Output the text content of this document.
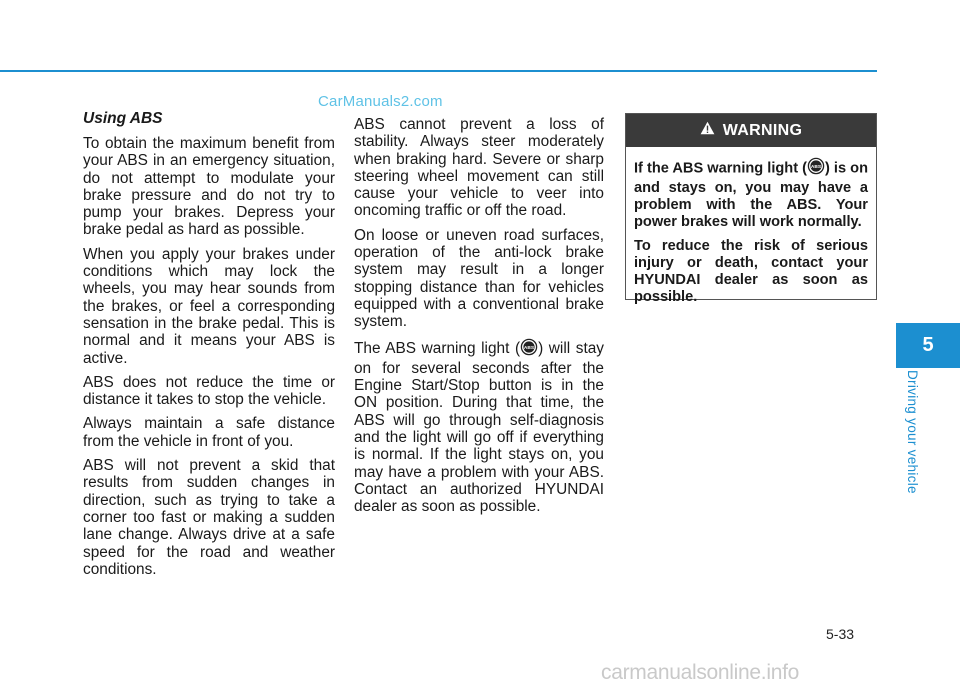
CarManuals2.com
Using ABS

To obtain the maximum benefit from your ABS in an emergency situation, do not attempt to modulate your brake pressure and do not try to pump your brakes. Depress your brake pedal as hard as possible.

When you apply your brakes under conditions which may lock the wheels, you may hear sounds from the brakes, or feel a corresponding sensation in the brake pedal. This is normal and it means your ABS is active.

ABS does not reduce the time or distance it takes to stop the vehicle.

Always maintain a safe distance from the vehicle in front of you.

ABS will not prevent a skid that results from sudden changes in direction, such as trying to take a corner too fast or making a sudden lane change. Always drive at a safe speed for the road and weather conditions.

ABS cannot prevent a loss of stability. Always steer moderately when braking hard. Severe or sharp steering wheel movement can still cause your vehicle to veer into oncoming traffic or off the road.

On loose or uneven road surfaces, operation of the anti-lock brake system may result in a longer stopping distance than for vehicles equipped with a conventional brake system.

The ABS warning light ( ABS ) will stay on for several seconds after the Engine Start/Stop button is in the ON position. During that time, the ABS will go through self-diagnosis and the light will go off if everything is normal. If the light stays on, you may have a problem with your ABS. Contact an authorized HYUNDAI dealer as soon as possible.

WARNING

If the ABS warning light ( ABS ) is on and stays on, you may have a problem with the ABS. Your power brakes will work normally.

To reduce the risk of serious injury or death, contact your HYUNDAI dealer as soon as possible.

5
Driving your vehicle
5-33
carmanualsonline.info
